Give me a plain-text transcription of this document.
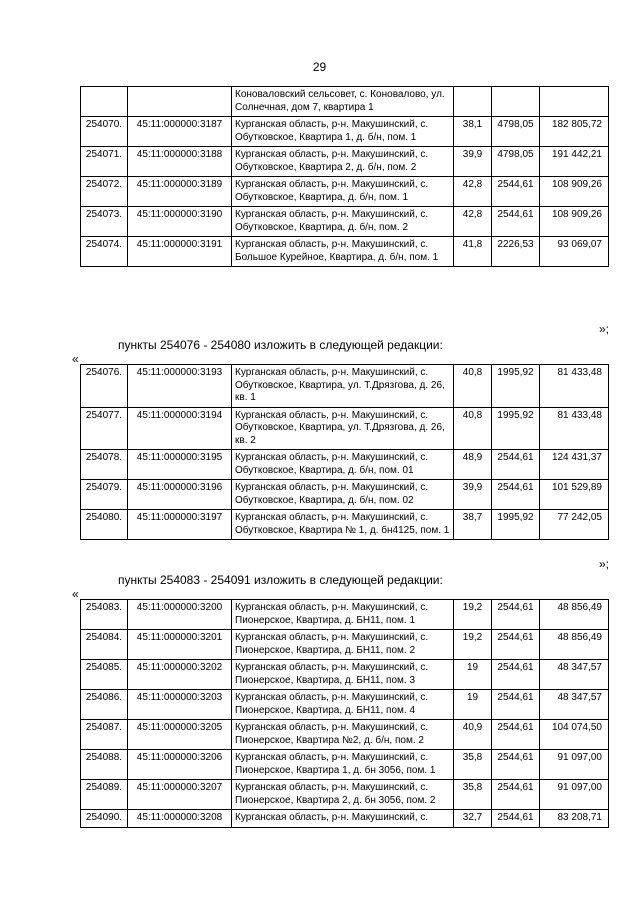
29
		Коноваловский сельсовет, с. Коновалово, ул. Солнечная, дом 7, квартира 1			
254070.	45:11:000000:3187	Курганская область, р-н. Макушинский, с. Обутковское, Квартира 1, д. б/н, пом. 1	38,1	4798,05	182 805,72
254071.	45:11:000000:3188	Курганская область, р-н. Макушинский, с. Обутковское, Квартира 2, д. б/н, пом. 2	39,9	4798,05	191 442,21
254072.	45:11:000000:3189	Курганская область, р-н. Макушинский, с. Обутковское, Квартира, д. б/н, пом. 1	42,8	2544,61	108 909,26
254073.	45:11:000000:3190	Курганская область, р-н. Макушинский, с. Обутковское, Квартира, д. б/н, пом. 2	42,8	2544,61	108 909,26
254074.	45:11:000000:3191	Курганская область, р-н. Макушинский, с. Большое Курейное, Квартира, д. б/н, пом. 1	41,8	2226,53	93 069,07
»;
пункты 254076 - 254080 изложить в следующей редакции:
«
254076.	45:11:000000:3193	Курганская область, р-н. Макушинский, с. Обутковское, Квартира, ул. Т.Дрязгова, д. 26, кв. 1	40,8	1995,92	81 433,48
254077.	45:11:000000:3194	Курганская область, р-н. Макушинский, с. Обутковское, Квартира, ул. Т.Дрязгова, д. 26, кв. 2	40,8	1995,92	81 433,48
254078.	45:11:000000:3195	Курганская область, р-н. Макушинский, с. Обутковское, Квартира, д. б/н, пом. 01	48,9	2544,61	124 431,37
254079.	45:11:000000:3196	Курганская область, р-н. Макушинский, с. Обутковское, Квартира, д. б/н, пом. 02	39,9	2544,61	101 529,89
254080.	45:11:000000:3197	Курганская область, р-н. Макушинский, с. Обутковское, Квартира № 1, д. бн4125, пом. 1	38,7	1995,92	77 242,05
»;
пункты 254083 - 254091 изложить в следующей редакции:
«
254083.	45:11:000000:3200	Курганская область, р-н. Макушинский, с. Пионерское, Квартира, д. БН11, пом. 1	19,2	2544,61	48 856,49
254084.	45:11:000000:3201	Курганская область, р-н. Макушинский, с. Пионерское, Квартира, д. БН11, пом. 2	19,2	2544,61	48 856,49
254085.	45:11:000000:3202	Курганская область, р-н. Макушинский, с. Пионерское, Квартира, д. БН11, пом. 3	19	2544,61	48 347,57
254086.	45:11:000000:3203	Курганская область, р-н. Макушинский, с. Пионерское, Квартира, д. БН11, пом. 4	19	2544,61	48 347,57
254087.	45:11:000000:3205	Курганская область, р-н. Макушинский, с. Пионерское, Квартира №2, д. б/н, пом. 2	40,9	2544,61	104 074,50
254088.	45:11:000000:3206	Курганская область, р-н. Макушинский, с. Пионерское, Квартира 1, д. бн 3056, пом. 1	35,8	2544,61	91 097,00
254089.	45:11:000000:3207	Курганская область, р-н. Макушинский, с. Пионерское, Квартира 2, д. бн 3056, пом. 2	35,8	2544,61	91 097,00
254090.	45:11:000000:3208	Курганская область, р-н. Макушинский, с.	32,7	2544,61	83 208,71
